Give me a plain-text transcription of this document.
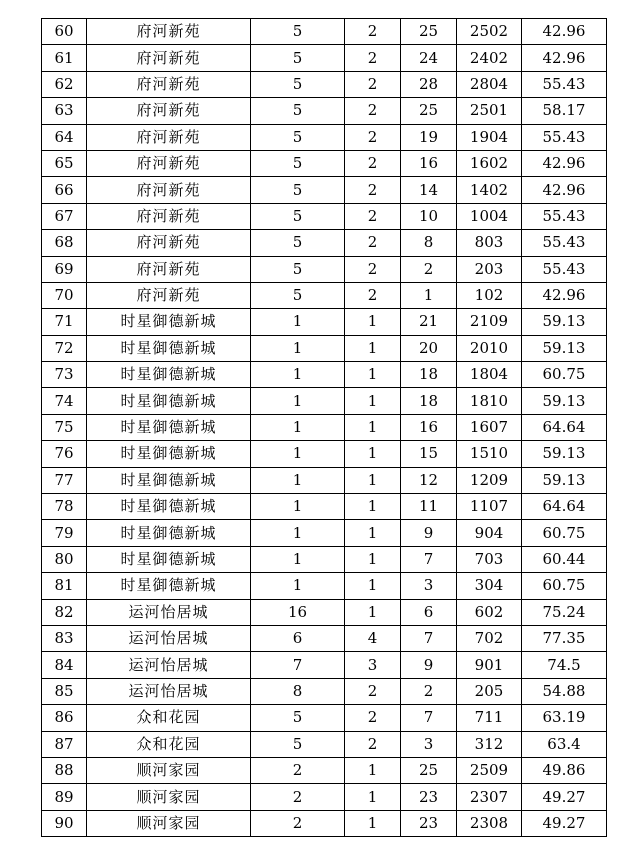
60	府河新苑	5	2	25	2502	42.96
61	府河新苑	5	2	24	2402	42.96
62	府河新苑	5	2	28	2804	55.43
63	府河新苑	5	2	25	2501	58.17
64	府河新苑	5	2	19	1904	55.43
65	府河新苑	5	2	16	1602	42.96
66	府河新苑	5	2	14	1402	42.96
67	府河新苑	5	2	10	1004	55.43
68	府河新苑	5	2	8	803	55.43
69	府河新苑	5	2	2	203	55.43
70	府河新苑	5	2	1	102	42.96
71	时星御德新城	1	1	21	2109	59.13
72	时星御德新城	1	1	20	2010	59.13
73	时星御德新城	1	1	18	1804	60.75
74	时星御德新城	1	1	18	1810	59.13
75	时星御德新城	1	1	16	1607	64.64
76	时星御德新城	1	1	15	1510	59.13
77	时星御德新城	1	1	12	1209	59.13
78	时星御德新城	1	1	11	1107	64.64
79	时星御德新城	1	1	9	904	60.75
80	时星御德新城	1	1	7	703	60.44
81	时星御德新城	1	1	3	304	60.75
82	运河怡居城	16	1	6	602	75.24
83	运河怡居城	6	4	7	702	77.35
84	运河怡居城	7	3	9	901	74.5
85	运河怡居城	8	2	2	205	54.88
86	众和花园	5	2	7	711	63.19
87	众和花园	5	2	3	312	63.4
88	顺河家园	2	1	25	2509	49.86
89	顺河家园	2	1	23	2307	49.27
90	顺河家园	2	1	23	2308	49.27
